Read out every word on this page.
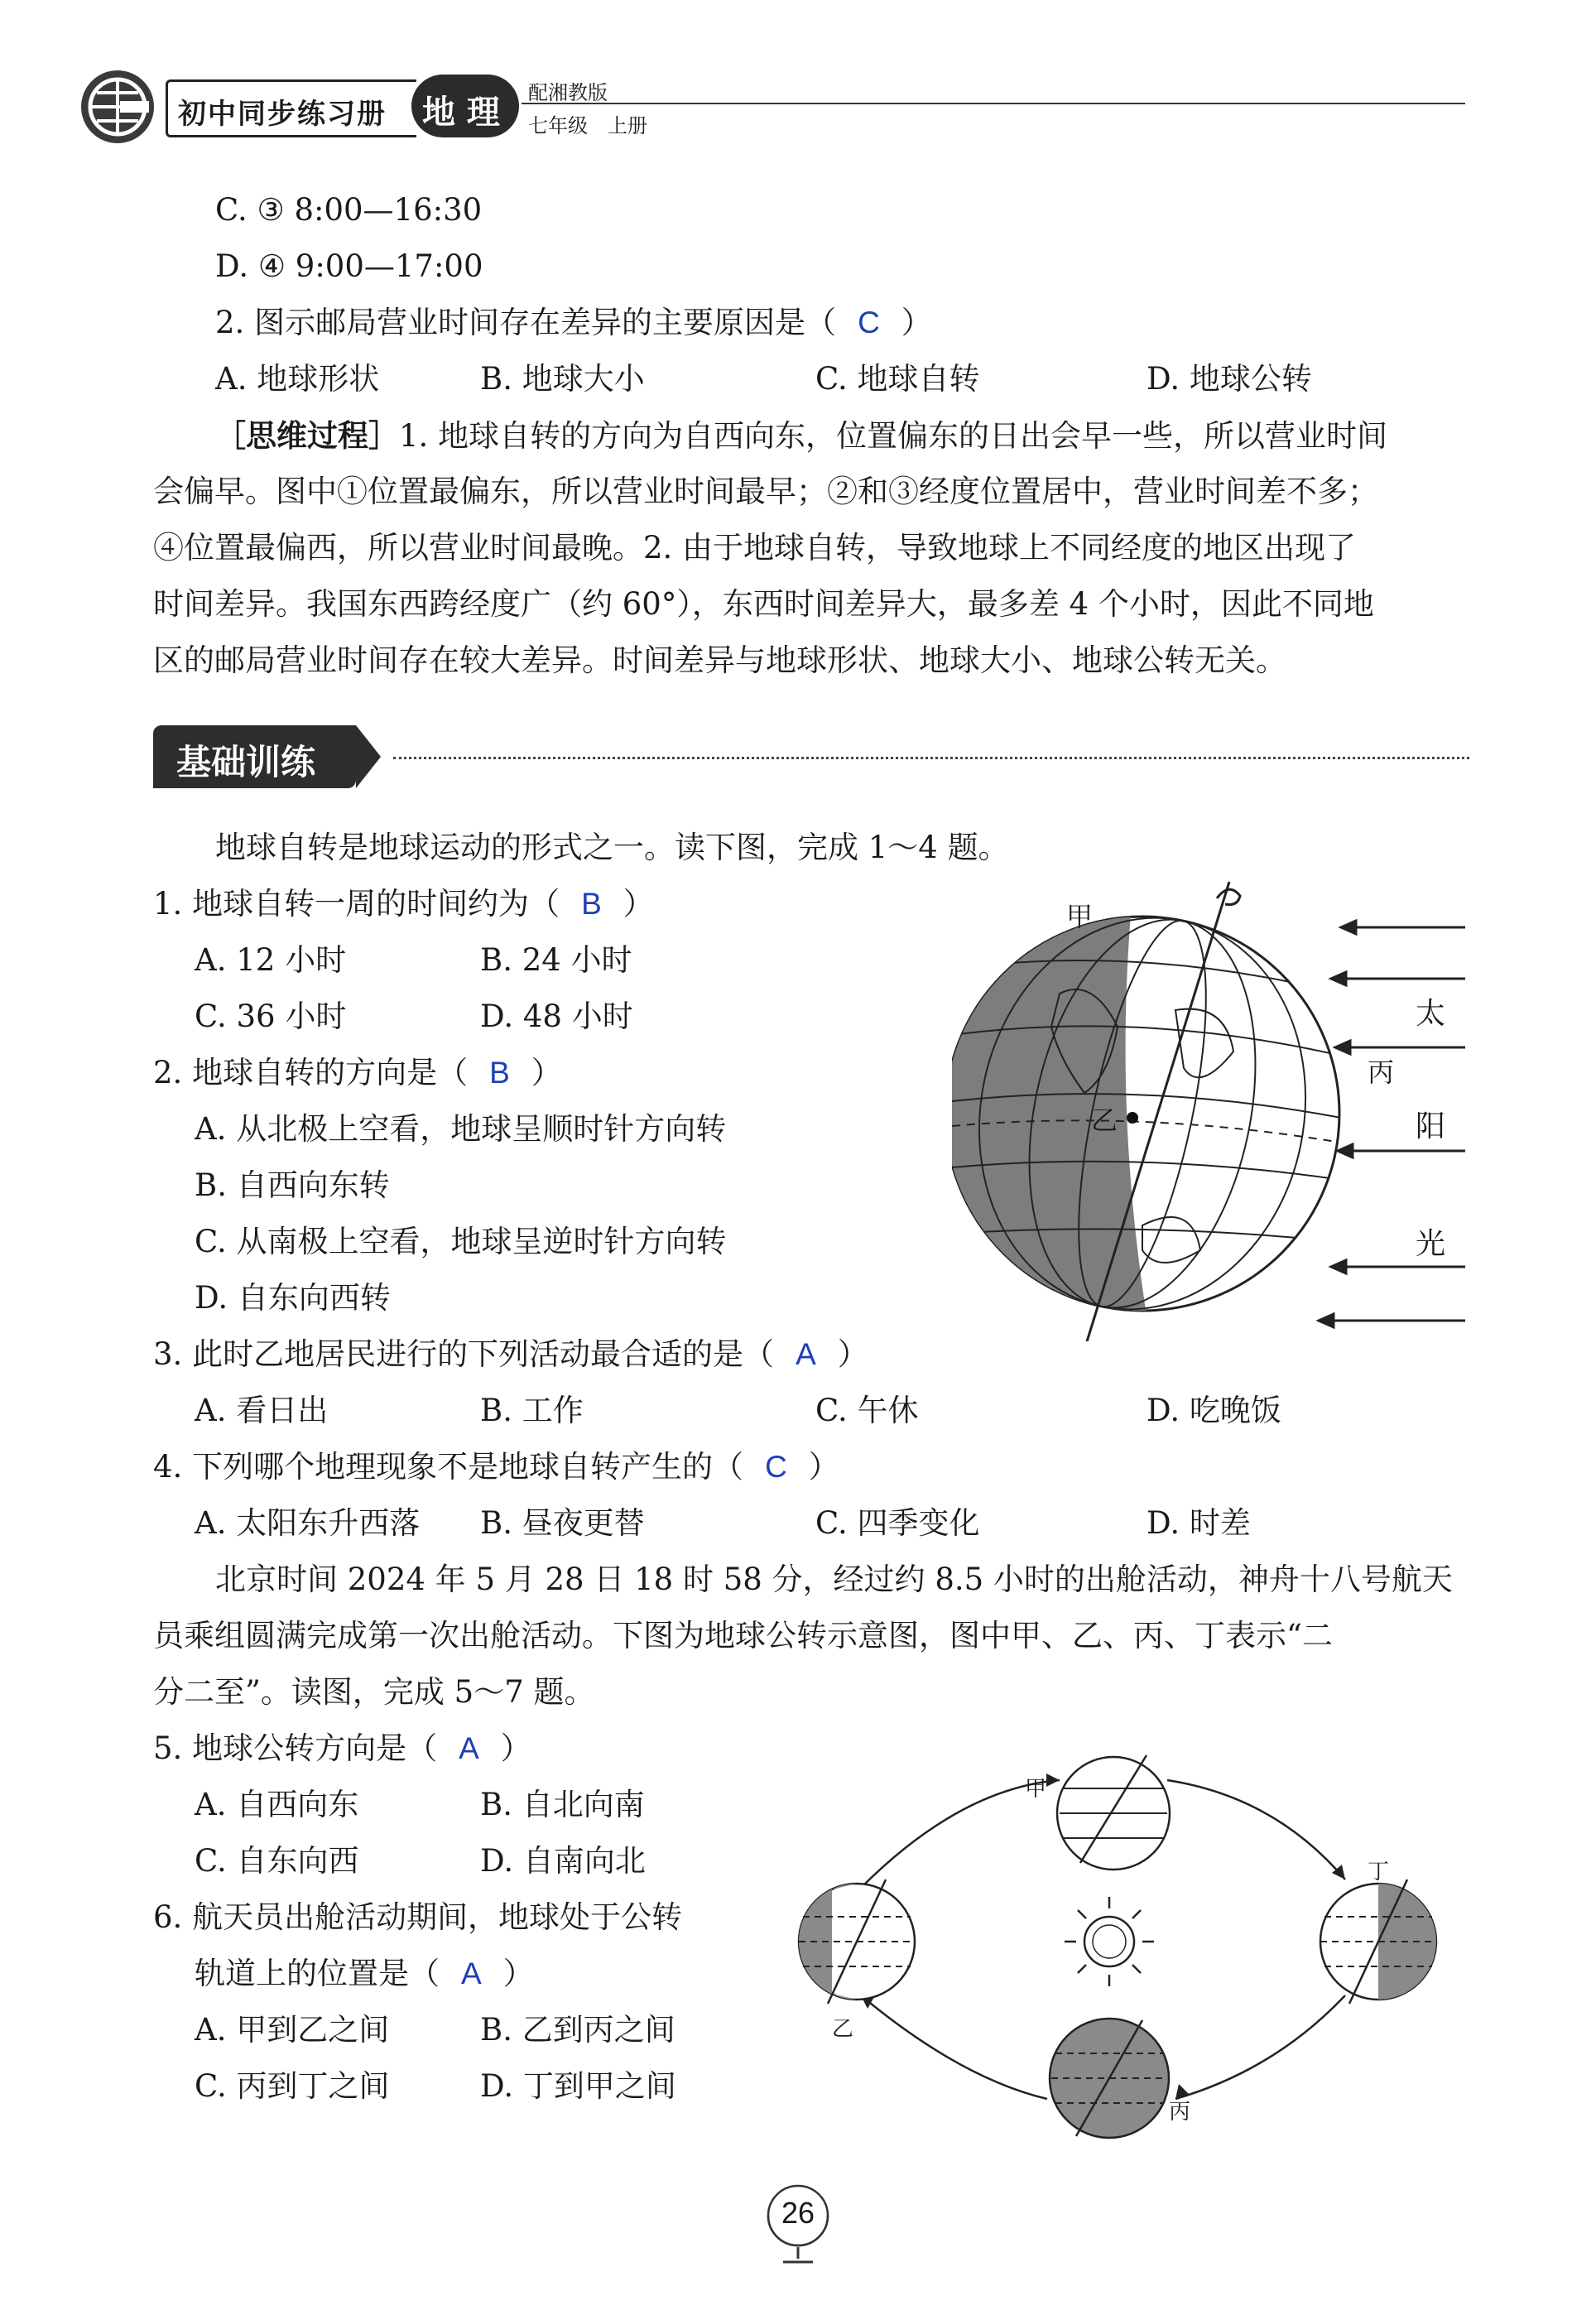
初中同步练习册 地 理
配湘教版
七年级　上册
C. ③ 8:00—16:30
D. ④ 9:00—17:00
2. 图示邮局营业时间存在差异的主要原因是（ C ）
A. 地球形状	B. 地球大小	C. 地球自转	D. 地球公转
［思维过程］1. 地球自转的方向为自西向东，位置偏东的日出会早一些，所以营业时间
会偏早。图中①位置最偏东，所以营业时间最早；②和③经度位置居中，营业时间差不多；
④位置最偏西，所以营业时间最晚。2. 由于地球自转，导致地球上不同经度的地区出现了
时间差异。我国东西跨经度广（约 60°），东西时间差异大，最多差 4 个小时，因此不同地
区的邮局营业时间存在较大差异。时间差异与地球形状、地球大小、地球公转无关。
基础训练
地球自转是地球运动的形式之一。读下图，完成 1～4 题。
1. 地球自转一周的时间约为（ B ）
A. 12 小时	B. 24 小时
C. 36 小时	D. 48 小时
2. 地球自转的方向是（ B ）
A. 从北极上空看，地球呈顺时针方向转
B. 自西向东转
C. 从南极上空看，地球呈逆时针方向转
D. 自东向西转
3. 此时乙地居民进行的下列活动最合适的是（ A ）
A. 看日出	B. 工作	C. 午休	D. 吃晚饭
4. 下列哪个地理现象不是地球自转产生的（ C ）
A. 太阳东升西落 B. 昼夜更替	C. 四季变化	D. 时差
甲
乙
丙
太
阳
光
北京时间 2024 年 5 月 28 日 18 时 58 分，经过约 8.5 小时的出舱活动，神舟十八号航天
员乘组圆满完成第一次出舱活动。下图为地球公转示意图，图中甲、乙、丙、丁表示“二
分二至”。读图，完成 5～7 题。
5. 地球公转方向是（ A ）
A. 自西向东	B. 自北向南
C. 自东向西	D. 自南向北
6. 航天员出舱活动期间，地球处于公转
轨道上的位置是（ A ）
A. 甲到乙之间	B. 乙到丙之间
C. 丙到丁之间	D. 丁到甲之间
甲
乙
丙
丁
26
